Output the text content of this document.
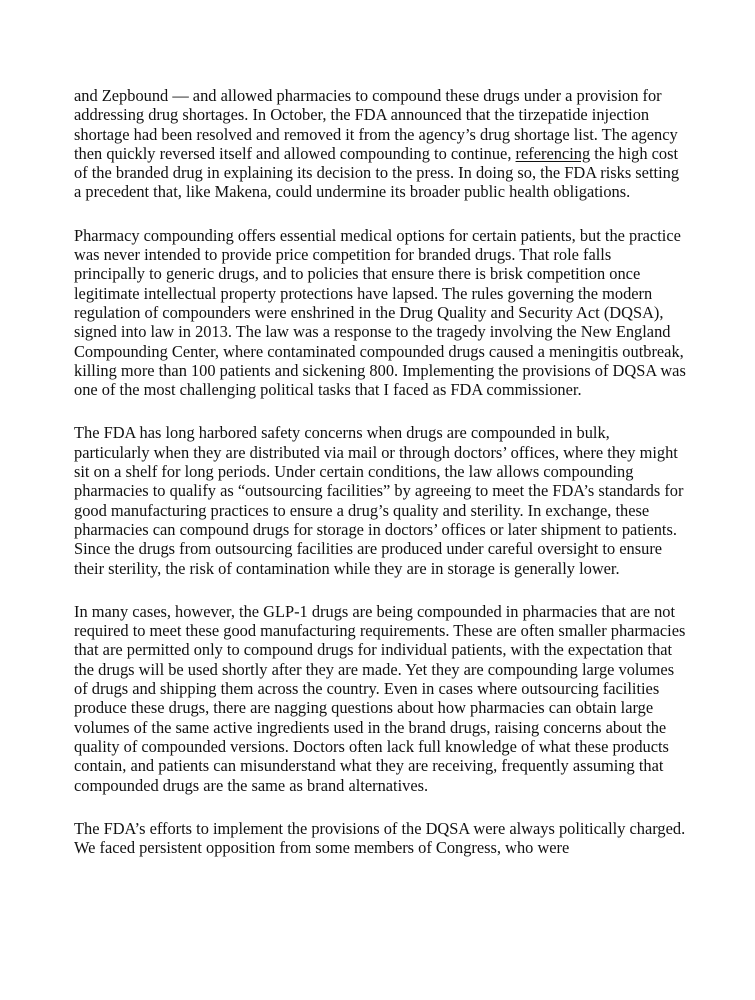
and Zepbound — and allowed pharmacies to compound these drugs under a provision for addressing drug shortages. In October, the FDA announced that the tirzepatide injection shortage had been resolved and removed it from the agency’s drug shortage list. The agency then quickly reversed itself and allowed compounding to continue, referencing the high cost of the branded drug in explaining its decision to the press. In doing so, the FDA risks setting a precedent that, like Makena, could undermine its broader public health obligations.

Pharmacy compounding offers essential medical options for certain patients, but the practice was never intended to provide price competition for branded drugs. That role falls principally to generic drugs, and to policies that ensure there is brisk competition once legitimate intellectual property protections have lapsed. The rules governing the modern regulation of compounders were enshrined in the Drug Quality and Security Act (DQSA), signed into law in 2013. The law was a response to the tragedy involving the New England Compounding Center, where contaminated compounded drugs caused a meningitis outbreak, killing more than 100 patients and sickening 800. Implementing the provisions of DQSA was one of the most challenging political tasks that I faced as FDA commissioner.

The FDA has long harbored safety concerns when drugs are compounded in bulk, particularly when they are distributed via mail or through doctors’ offices, where they might sit on a shelf for long periods. Under certain conditions, the law allows compounding pharmacies to qualify as “outsourcing facilities” by agreeing to meet the FDA’s standards for good manufacturing practices to ensure a drug’s quality and sterility. In exchange, these pharmacies can compound drugs for storage in doctors’ offices or later shipment to patients. Since the drugs from outsourcing facilities are produced under careful oversight to ensure their sterility, the risk of contamination while they are in storage is generally lower.

In many cases, however, the GLP-1 drugs are being compounded in pharmacies that are not required to meet these good manufacturing requirements. These are often smaller pharmacies that are permitted only to compound drugs for individual patients, with the expectation that the drugs will be used shortly after they are made. Yet they are compounding large volumes of drugs and shipping them across the country. Even in cases where outsourcing facilities produce these drugs, there are nagging questions about how pharmacies can obtain large volumes of the same active ingredients used in the brand drugs, raising concerns about the quality of compounded versions. Doctors often lack full knowledge of what these products contain, and patients can misunderstand what they are receiving, frequently assuming that compounded drugs are the same as brand alternatives.

The FDA’s efforts to implement the provisions of the DQSA were always politically charged. We faced persistent opposition from some members of Congress, who were
